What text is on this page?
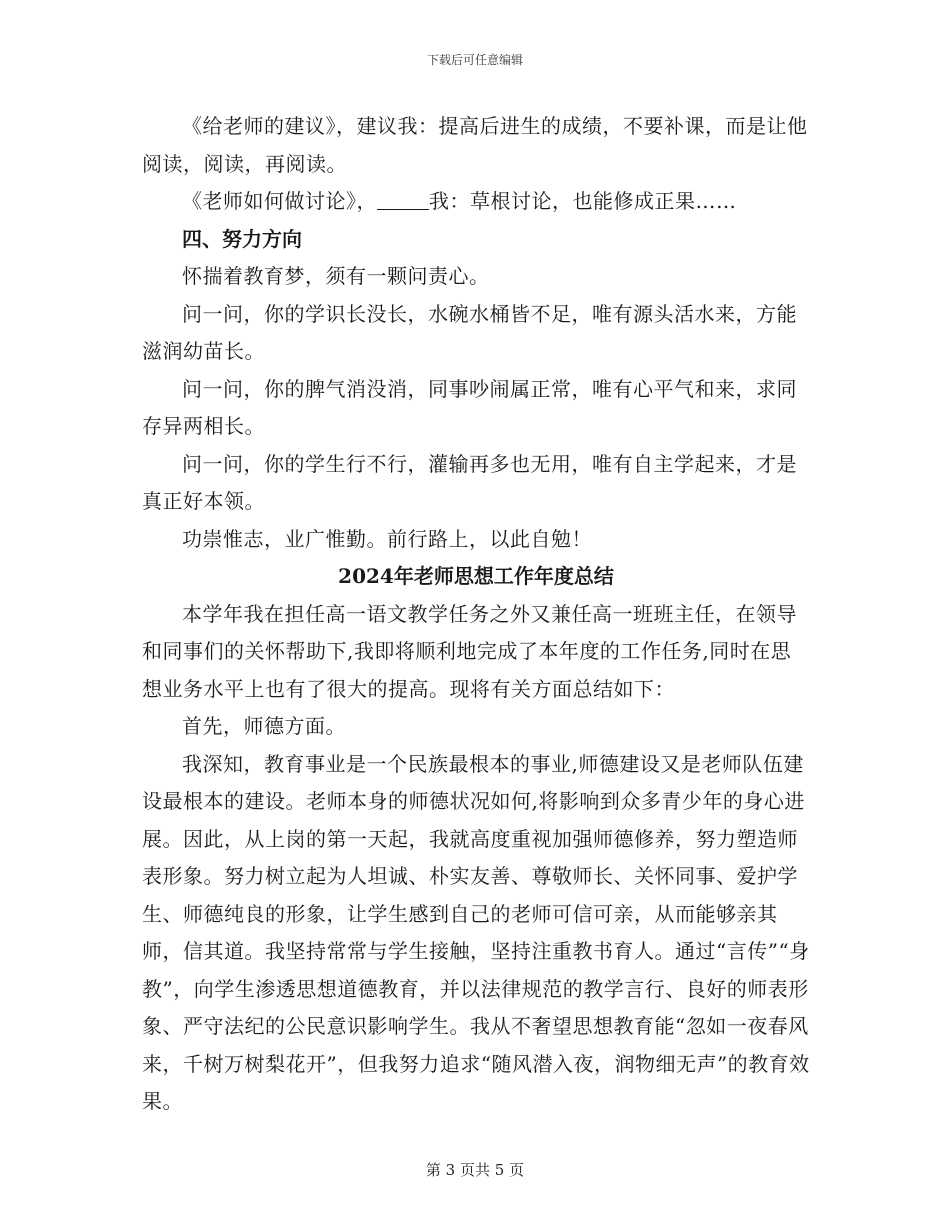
下载后可任意编辑

《给老师的建议》，建议我：提高后进生的成绩，不要补课，而是让他阅读，阅读，再阅读。

《老师如何做讨论》，	我：草根讨论，也能修成正果……

四、努力方向

怀揣着教育梦，须有一颗问责心。

问一问，你的学识长没长，水碗水桶皆不足，唯有源头活水来，方能滋润幼苗长。

问一问，你的脾气消没消，同事吵闹属正常，唯有心平气和来，求同存异两相长。

问一问，你的学生行不行，灌输再多也无用，唯有自主学起来，才是真正好本领。

功崇惟志，业广惟勤。前行路上，以此自勉！

2024年老师思想工作年度总结

本学年我在担任高一语文教学任务之外又兼任高一班班主任，在领导和同事们的关怀帮助下,我即将顺利地完成了本年度的工作任务,同时在思想业务水平上也有了很大的提高。现将有关方面总结如下：

首先，师德方面。

我深知，教育事业是一个民族最根本的事业,师德建设又是老师队伍建设最根本的建设。老师本身的师德状况如何,将影响到众多青少年的身心进展。因此，从上岗的第一天起，我就高度重视加强师德修养，努力塑造师表形象。努力树立起为人坦诚、朴实友善、尊敬师长、关怀同事、爱护学生、师德纯良的形象，让学生感到自己的老师可信可亲，从而能够亲其师，信其道。我坚持常常与学生接触，坚持注重教书育人。通过“言传”“身教”，向学生渗透思想道德教育，并以法律规范的教学言行、良好的师表形象、严守法纪的公民意识影响学生。我从不奢望思想教育能“忽如一夜春风来，千树万树梨花开”，但我努力追求“随风潜入夜，润物细无声”的教育效果。

第 3 页共 5 页
